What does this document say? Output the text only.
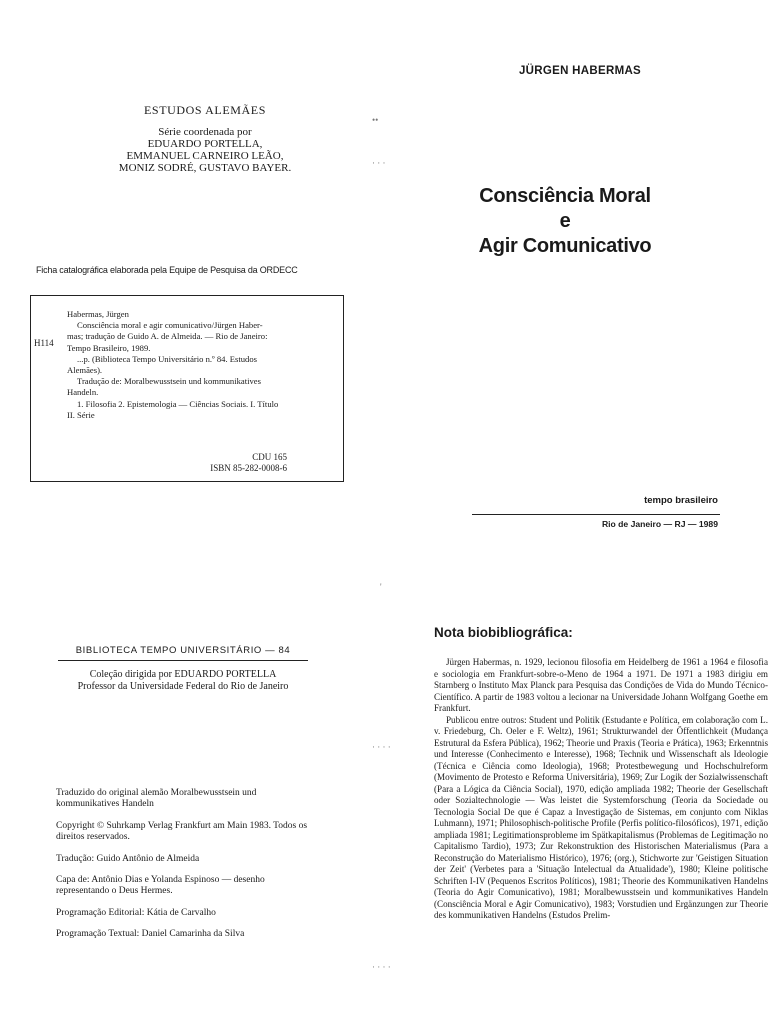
ESTUDOS ALEMÃES
Série coordenada por
EDUARDO PORTELLA,
EMMANUEL CARNEIRO LEÃO,
MONIZ SODRÉ, GUSTAVO BAYER.
Ficha catalográfica elaborada pela Equipe de Pesquisa da ORDECC
H114
Habermas, Jürgen
Consciência moral e agir comunicativo/Jürgen Haber-
mas; tradução de Guido A. de Almeida. — Rio de Janeiro:
Tempo Brasileiro, 1989.
...p. (Biblioteca Tempo Universitário n.º 84. Estudos
Alemães).
Tradução de: Moralbewusstsein und kommunikatives
Handeln.
1. Filosofia 2. Epistemologia — Ciências Sociais. I. Título
II. Série
CDU 165
ISBN 85-282-0008-6
JÜRGEN HABERMAS
Consciência Moral
e
Agir Comunicativo
tempo brasileiro
Rio de Janeiro — RJ — 1989
BIBLIOTECA TEMPO UNIVERSITÁRIO — 84
Coleção dirigida por EDUARDO PORTELLA
Professor da Universidade Federal do Rio de Janeiro

Traduzido do original alemão Moralbewusstsein und kommunikatives Handeln

Copyright © Suhrkamp Verlag Frankfurt am Main 1983. Todos os direitos reservados.

Tradução: Guido Antônio de Almeida

Capa de: Antônio Dias e Yolanda Espinoso — desenho representando o Deus Hermes.

Programação Editorial: Kátia de Carvalho

Programação Textual: Daniel Camarinha da Silva

Nota biobibliográfica:

Jürgen Habermas, n. 1929, lecionou filosofia em Heidelberg de 1961 a 1964 e filosofia e sociologia em Frankfurt-sobre-o-Meno de 1964 a 1971. De 1971 a 1983 dirigiu em Starnberg o Instituto Max Planck para Pesquisa das Condições de Vida do Mundo Técnico-Científico. A partir de 1983 voltou a lecionar na Universidade Johann Wolfgang Goethe em Frankfurt.

Publicou entre outros: Student und Politik (Estudante e Política, em colaboração com L. v. Friedeburg, Ch. Oeler e F. Weltz), 1961; Strukturwandel der Öffentlichkeit (Mudança Estrutural da Esfera Pública), 1962; Theorie und Praxis (Teoria e Prática), 1963; Erkenntnis und Interesse (Conhecimento e Interesse), 1968; Technik und Wissenschaft als Ideologie (Técnica e Ciência como Ideologia), 1968; Protestbewegung und Hochschulreform (Movimento de Protesto e Reforma Universitária), 1969; Zur Logik der Sozialwissenschaft (Para a Lógica da Ciência Social), 1970, edição ampliada 1982; Theorie der Gesellschaft oder Sozialtechnologie — Was leistet die Systemforschung (Teoria da Sociedade ou Tecnologia Social De que é Capaz a Investigação de Sistemas, em conjunto com Niklas Luhmann), 1971; Philosophisch-politische Profile (Perfis político-filosóficos), 1971, edição ampliada 1981; Legitimationsprobleme im Spätkapitalismus (Problemas de Legitimação no Capitalismo Tardio), 1973; Zur Rekonstruktion des Historischen Materialismus (Para a Reconstrução do Materialismo Histórico), 1976; (org.), Stichworte zur 'Geistigen Situation der Zeit' (Verbetes para a 'Situação Intelectual da Atualidade'), 1980; Kleine politische Schriften I-IV (Pequenos Escritos Políticos), 1981; Theorie des Kommunikativen Handelns (Teoria do Agir Comunicativo), 1981; Moralbewusstsein und kommunikatives Handeln (Consciência Moral e Agir Comunicativo), 1983; Vorstudien und Ergänzungen zur Theorie des kommunikativen Handelns (Estudos Prelim-

••
· · ·
'
· · · ·
· · · ·
